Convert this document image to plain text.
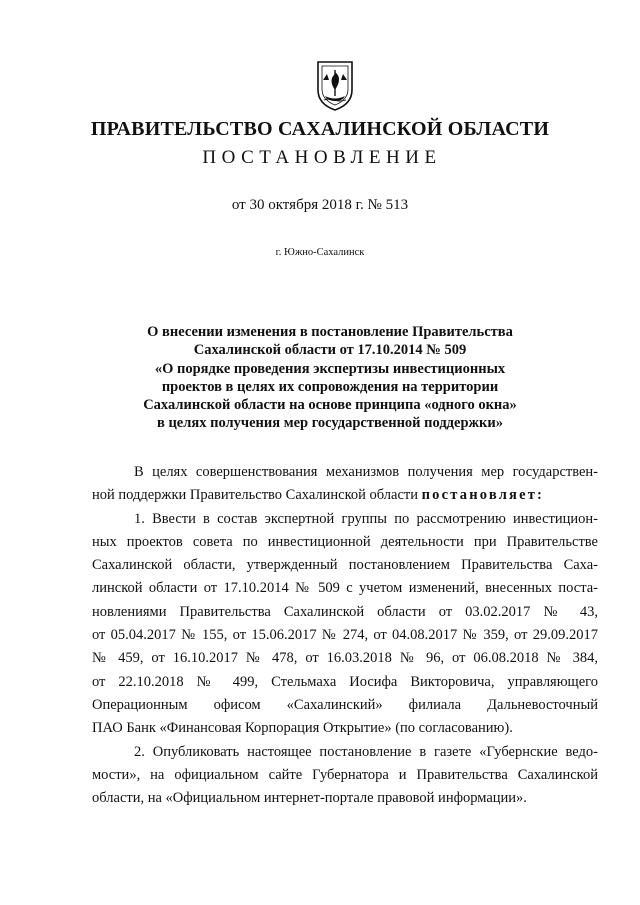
ПРАВИТЕЛЬСТВО САХАЛИНСКОЙ ОБЛАСТИ
ПОСТАНОВЛЕНИЕ
от 30 октября 2018 г. № 513
г. Южно-Сахалинск
О внесении изменения в постановление Правительства
Сахалинской области от 17.10.2014 № 509
«О порядке проведения экспертизы инвестиционных
проектов в целях их сопровождения на территории
Сахалинской области на основе принципа «одного окна»
в целях получения мер государственной поддержки»
В целях совершенствования механизмов получения мер государствен-
ной поддержки Правительство Сахалинской области постановляет:
1. Ввести в состав экспертной группы по рассмотрению инвестицион-
ных проектов совета по инвестиционной деятельности при Правительстве
Сахалинской области, утвержденный постановлением Правительства Саха-
линской области от 17.10.2014 № 509 с учетом изменений, внесенных поста-
новлениями Правительства Сахалинской области от 03.02.2017 № 43,
от 05.04.2017 № 155, от 15.06.2017 № 274, от 04.08.2017 № 359, от 29.09.2017
№ 459, от 16.10.2017 № 478, от 16.03.2018 № 96, от 06.08.2018 № 384,
от 22.10.2018 № 499, Стельмаха Иосифа Викторовича, управляющего
Операционным офисом «Сахалинский» филиала Дальневосточный
ПАО Банк «Финансовая Корпорация Открытие» (по согласованию).
2. Опубликовать настоящее постановление в газете «Губернские ведо-
мости», на официальном сайте Губернатора и Правительства Сахалинской
области, на «Официальном интернет-портале правовой информации».
